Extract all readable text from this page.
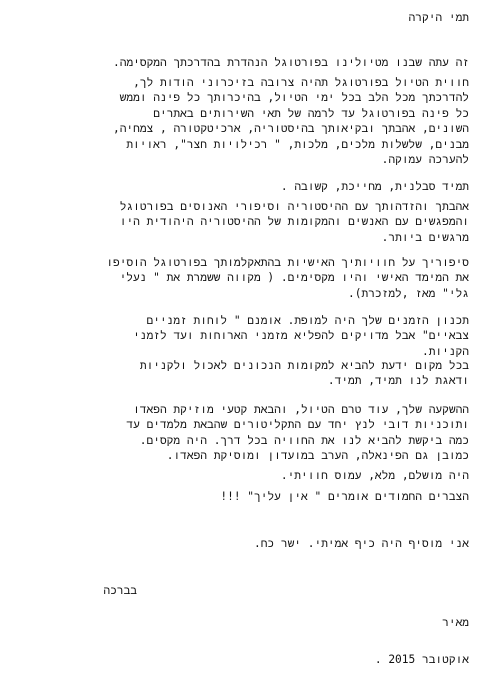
תמי היקרה
זה עתה שבנו מטיולינו בפורטוגל הנהדרת בהדרכתך המקסימה.
חווית הטיול בפורטוגל תהיה צרובה בזיכרוני הודות לך,
להדרכתך מכל הלב בכל ימי הטיול, בהיכרותך כל פינה וממש
כל פינה בפורטוגל עד לרמה של תאי השירותים באתרים
השונים, אהבתך ובקיאותך בהיסטוריה, ארכיטקטורה , צמחיה,
מבנים, שלשלות מלכים, מלכות, " רכילויות חצר", ראויות
להערכה עמוקה.
תמיד סבלנית, מחייכת, קשובה .
אהבתך והזדהותך עם ההיסטוריה וסיפורי האנוסים בפורטוגל
והמפגשים עם האנשים והמקומות של ההיסטוריה היהודית היו
מרגשים ביותר.
סיפוריך על חוויותיך האישיות בהתאקלמותך בפורטוגל הוסיפו
את המימד האישי והיו מקסימים. ( מקווה ששמרת את " נעלי
גלי" מאז ,למזכרת).
תכנון הזמנים שלך היה למופת. אומנם " לוחות זמניים
צבאיים" אבל מדויקים להפליא מזמני הארוחות ועד לזמני
הקניות.
בכל מקום ידעת להביא למקומות הנכונים לאכול ולקניות
ודאגת לנו תמיד, תמיד.
ההשקעה שלך, עוד טרם הטיול, והבאת קטעי מוזיקת הפאדו
ותוכניות דובי לנץ יחד עם התקליטורים שהבאת מלמדים עד
כמה ביקשת להביא לנו את החוויה בכל דרך. היה מקסים.
כמובן גם הפינאלה, הערב במועדון ומוסיקת הפאדו.
היה מושלם, מלא, עמוס חוויתי.
הצברים החמודים אומרים " אין עליך" !!!
אני מוסיף היה כיף אמיתי. ישר כח.
בברכה
מאיר
אוקטובר 2015 .
